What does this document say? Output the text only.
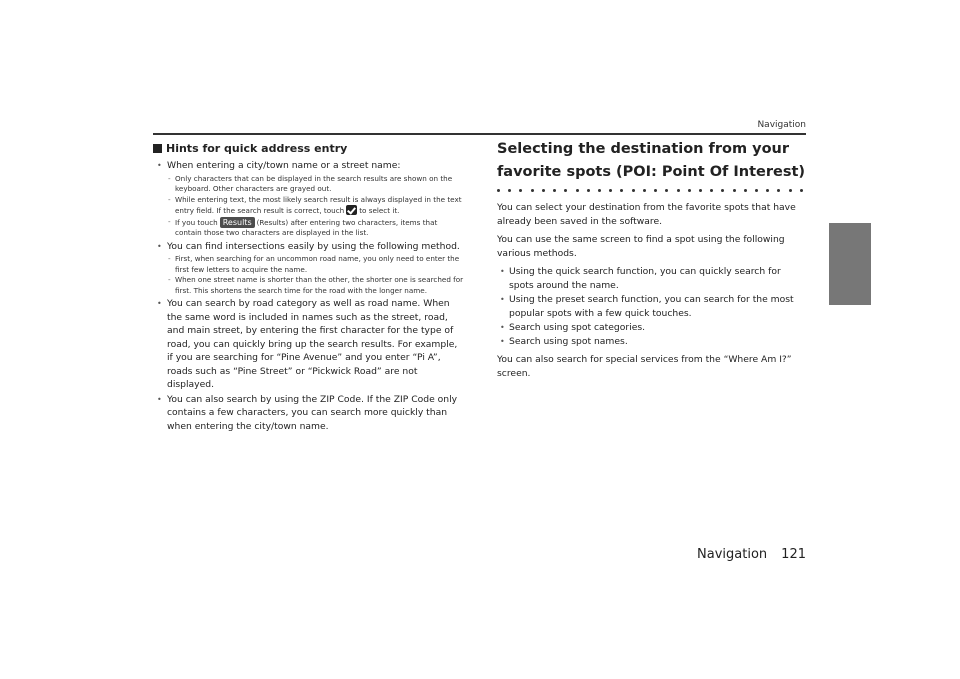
Navigation
Hints for quick address entry
• When entering a city/town name or a street name:
- Only characters that can be displayed in the search results are shown on the keyboard. Other characters are grayed out.
- While entering text, the most likely search result is always displayed in the text entry field. If the search result is correct, touch to select it.
- If you touch Results (Results) after entering two characters, items that contain those two characters are displayed in the list.
• You can find intersections easily by using the following method.
- First, when searching for an uncommon road name, you only need to enter the first few letters to acquire the name.
- When one street name is shorter than the other, the shorter one is searched for first. This shortens the search time for the road with the longer name.
• You can search by road category as well as road name. When the same word is included in names such as the street, road, and main street, by entering the first character for the type of road, you can quickly bring up the search results. For example, if you are searching for “Pine Avenue” and you enter “Pi A”, roads such as “Pine Street” or “Pickwick Road” are not displayed.
• You can also search by using the ZIP Code. If the ZIP Code only contains a few characters, you can search more quickly than when entering the city/town name.
Selecting the destination from your favorite spots (POI: Point Of Interest)

You can select your destination from the favorite spots that have already been saved in the software.

You can use the same screen to find a spot using the following various methods.

• Using the quick search function, you can quickly search for spots around the name.
• Using the preset search function, you can search for the most popular spots with a few quick touches.
• Search using spot categories.
• Search using spot names.

You can also search for special services from the “Where Am I?” screen.

Navigation 121
